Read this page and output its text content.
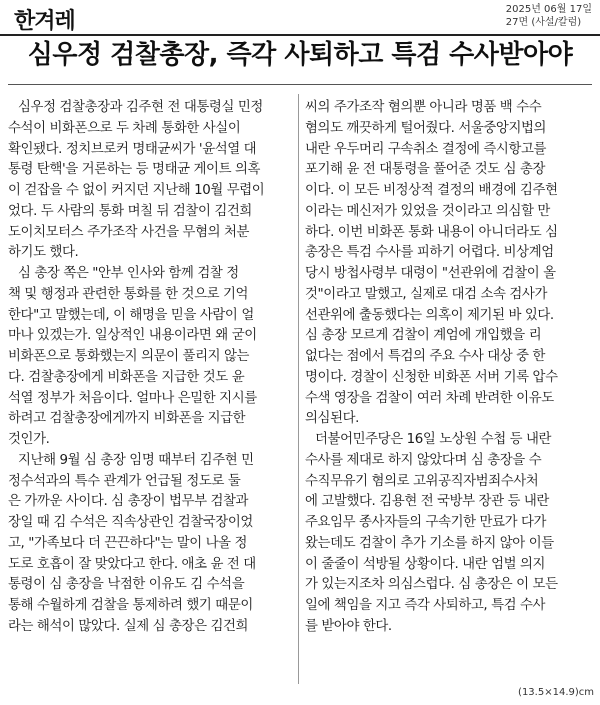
한겨레	2025년 06월 17일
27면 (사설/칼럼)
심우정 검찰총장, 즉각 사퇴하고 특검 수사받아야
심우정 검찰총장과 김주현 전 대통령실 민정
수석이 비화폰으로 두 차례 통화한 사실이
확인됐다. 정치브로커 명태균씨가 '윤석열 대
통령 탄핵'을 거론하는 등 명태균 게이트 의혹
이 걷잡을 수 없이 커지던 지난해 10월 무렵이
었다. 두 사람의 통화 며칠 뒤 검찰이 김건희
도이치모터스 주가조작 사건을 무혐의 처분
하기도 했다.
심 총장 쪽은 "안부 인사와 함께 검찰 정
책 및 행정과 관련한 통화를 한 것으로 기억
한다"고 말했는데, 이 해명을 믿을 사람이 얼
마나 있겠는가. 일상적인 내용이라면 왜 굳이
비화폰으로 통화했는지 의문이 풀리지 않는
다. 검찰총장에게 비화폰을 지급한 것도 윤
석열 정부가 처음이다. 얼마나 은밀한 지시를
하려고 검찰총장에게까지 비화폰을 지급한
것인가.
지난해 9월 심 총장 임명 때부터 김주현 민
정수석과의 특수 관계가 언급될 정도로 둘
은 가까운 사이다. 심 총장이 법무부 검찰과
장일 때 김 수석은 직속상관인 검찰국장이었
고, "가족보다 더 끈끈하다"는 말이 나올 정
도로 호흡이 잘 맞았다고 한다. 애초 윤 전 대
통령이 심 총장을 낙점한 이유도 김 수석을
통해 수월하게 검찰을 통제하려 했기 때문이
라는 해석이 많았다. 실제 심 총장은 김건희
씨의 주가조작 혐의뿐 아니라 명품 백 수수
혐의도 깨끗하게 털어줬다. 서울중앙지법의
내란 우두머리 구속취소 결정에 즉시항고를
포기해 윤 전 대통령을 풀어준 것도 심 총장
이다. 이 모든 비정상적 결정의 배경에 김주현
이라는 메신저가 있었을 것이라고 의심할 만
하다. 이번 비화폰 통화 내용이 아니더라도 심
총장은 특검 수사를 피하기 어렵다. 비상계엄
당시 방첩사령부 대령이 "선관위에 검찰이 올
것"이라고 말했고, 실제로 대검 소속 검사가
선관위에 출동했다는 의혹이 제기된 바 있다.
심 총장 모르게 검찰이 계엄에 개입했을 리
없다는 점에서 특검의 주요 수사 대상 중 한
명이다. 경찰이 신청한 비화폰 서버 기록 압수
수색 영장을 검찰이 여러 차례 반려한 이유도
의심된다.
더불어민주당은 16일 노상원 수첩 등 내란
수사를 제대로 하지 않았다며 심 총장을 수
수직무유기 혐의로 고위공직자범죄수사처
에 고발했다. 김용현 전 국방부 장관 등 내란
주요임무 종사자들의 구속기한 만료가 다가
왔는데도 검찰이 추가 기소를 하지 않아 이들
이 줄줄이 석방될 상황이다. 내란 엄벌 의지
가 있는지조차 의심스럽다. 심 총장은 이 모든
일에 책임을 지고 즉각 사퇴하고, 특검 수사
를 받아야 한다.
(13.5×14.9)cm
